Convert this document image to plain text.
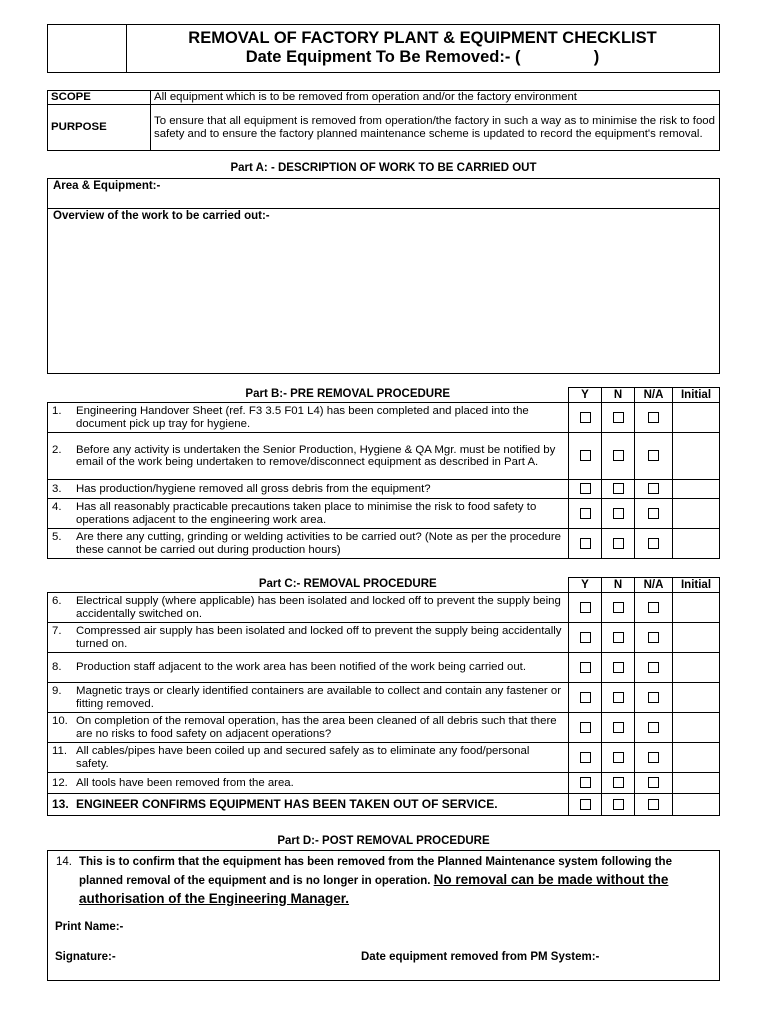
REMOVAL OF FACTORY PLANT & EQUIPMENT CHECKLIST
Date Equipment To Be Removed:- (                )
SCOPE	All equipment which is to be removed from operation and/or the factory environment
PURPOSE	To ensure that all equipment is removed from operation/the factory in such a way as to minimise the risk to food safety and to ensure the factory planned maintenance scheme is updated to record the equipment's removal.
Part A: - DESCRIPTION OF WORK TO BE CARRIED OUT
Area & Equipment:-
Overview of the work to be carried out:-
Part B:- PRE REMOVAL PROCEDURE	Y	N	N/A	Initial

1. Engineering Handover Sheet (ref. F3 3.5 F01 L4) has been completed and placed into the document pick up tray for hygiene.				

2. Before any activity is undertaken the Senior Production, Hygiene & QA Mgr. must be notified by email of the work being undertaken to remove/disconnect equipment as described in Part A.				

3. Has production/hygiene removed all gross debris from the equipment?				

4. Has all reasonably practicable precautions taken place to minimise the risk to food safety to operations adjacent to the engineering work area.				

5. Are there any cutting, grinding or welding activities to be carried out? (Note as per the procedure these cannot be carried out during production hours)				

Part C:- REMOVAL PROCEDURE	Y	N	N/A	Initial

6. Electrical supply (where applicable) has been isolated and locked off to prevent the supply being accidentally switched on.				

7. Compressed air supply has been isolated and locked off to prevent the supply being accidentally turned on.				

8. Production staff adjacent to the work area has been notified of the work being carried out.				

9. Magnetic trays or clearly identified containers are available to collect and contain any fastener or fitting removed.				

10. On completion of the removal operation, has the area been cleaned of all debris such that there are no risks to food safety on adjacent operations?				

11. All cables/pipes have been coiled up and secured safely as to eliminate any food/personal safety.				

12. All tools have been removed from the area.				

13. ENGINEER CONFIRMS EQUIPMENT HAS BEEN TAKEN OUT OF SERVICE.				

Part D:- POST REMOVAL PROCEDURE
14. This is to confirm that the equipment has been removed from the Planned Maintenance system following the planned removal of the equipment and is no longer in operation. No removal can be made without the authorisation of the Engineering Manager.
Print Name:-
Signature:-	Date equipment removed from PM System:-
